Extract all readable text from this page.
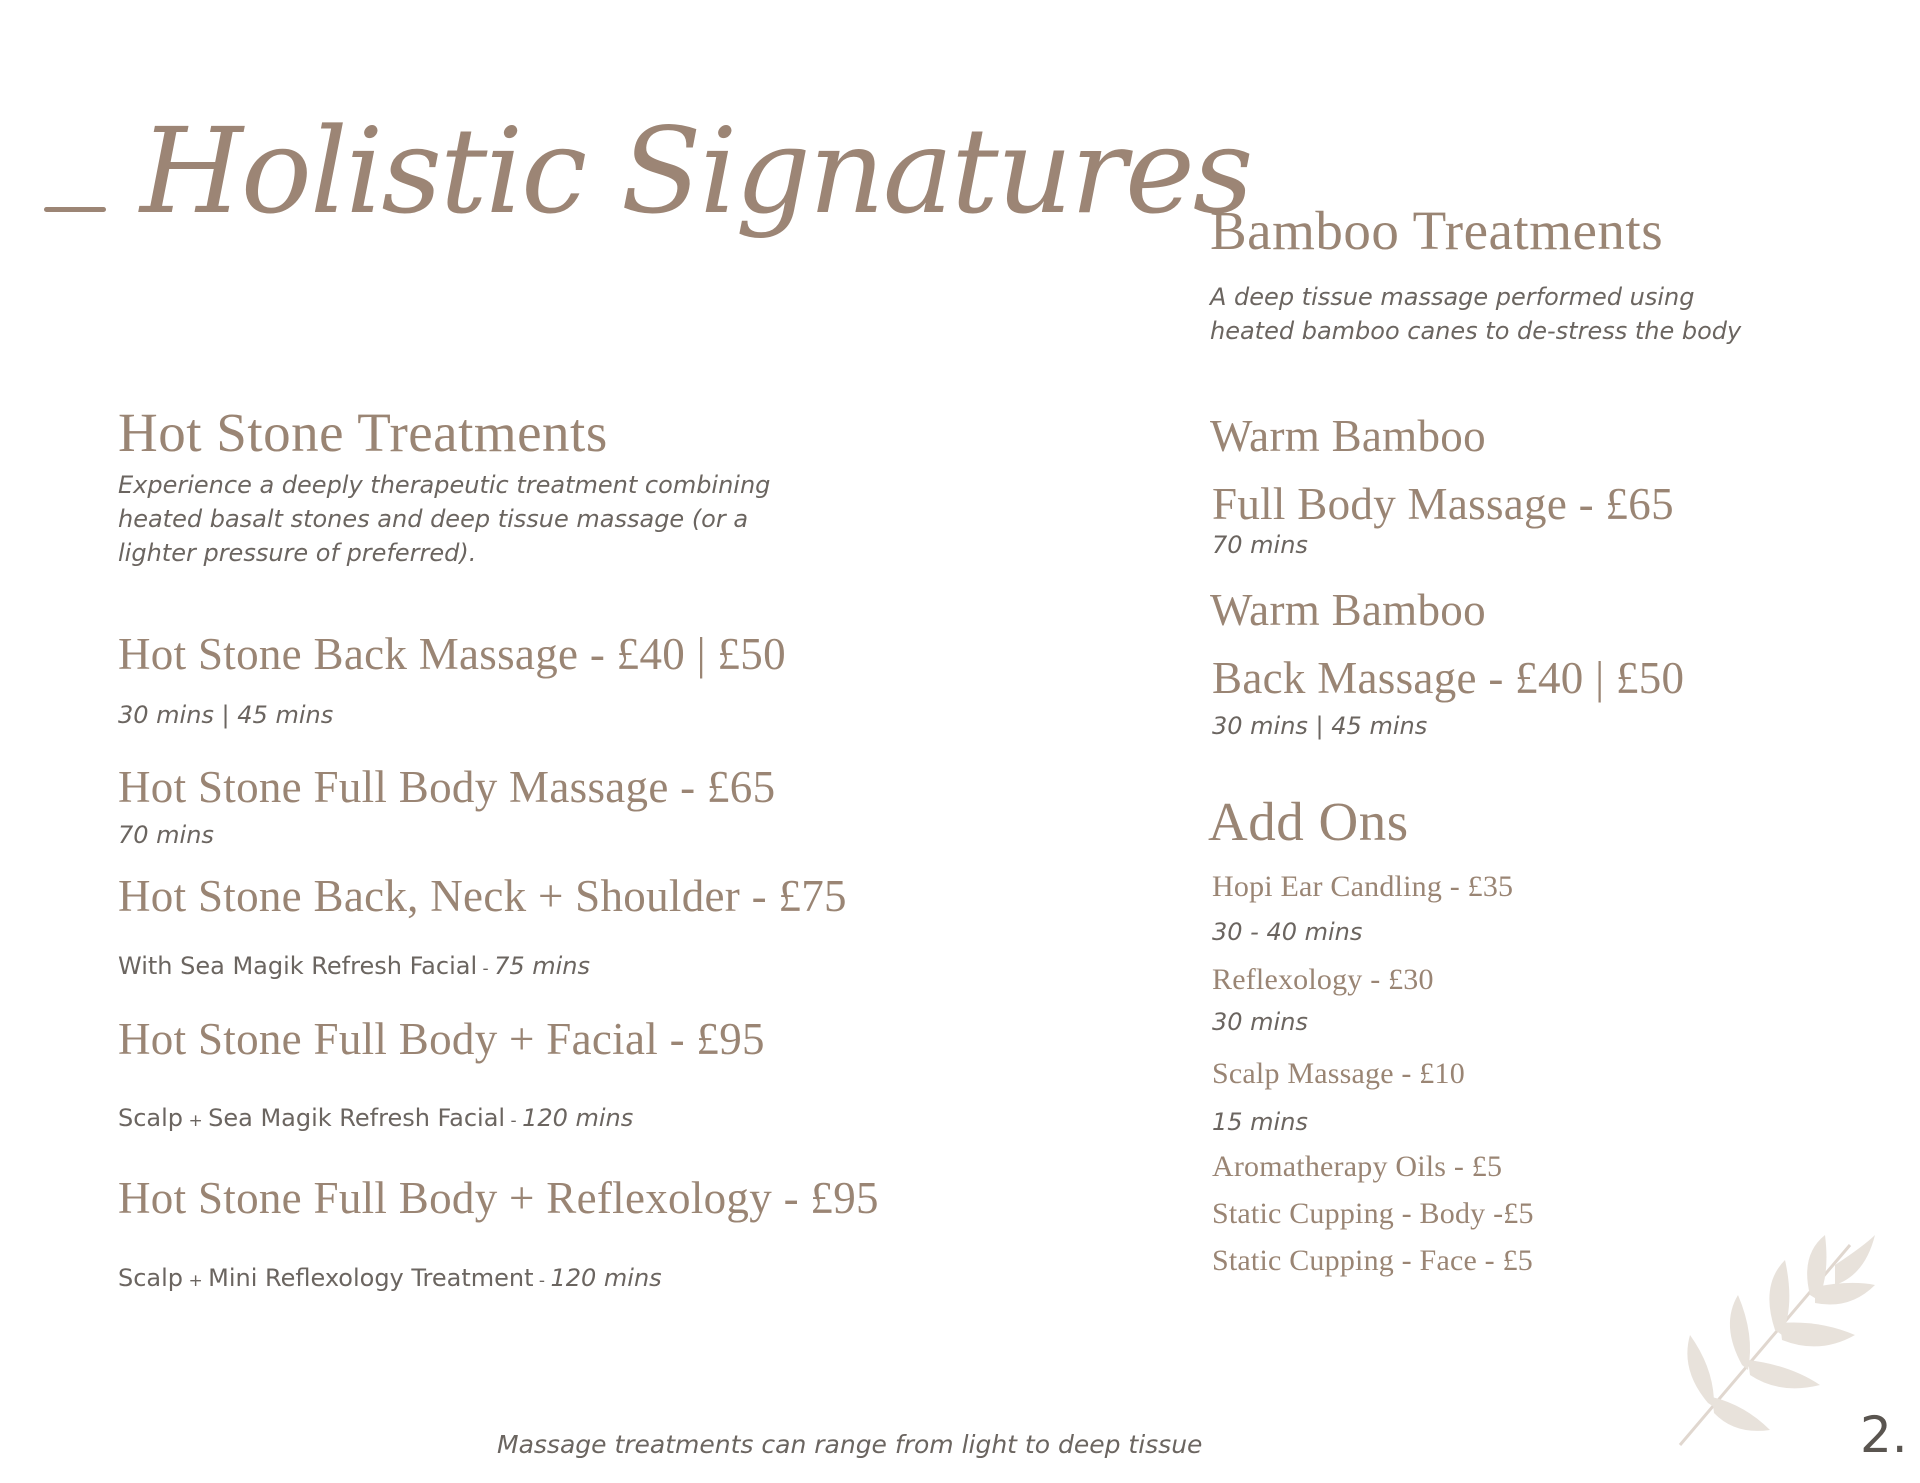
Holistic Signatures
Hot Stone Treatments
Experience a deeply therapeutic treatment combining
heated basalt stones and deep tissue massage (or a
lighter pressure of preferred).
Hot Stone Back Massage - £40 | £50
30 mins | 45 mins
Hot Stone Full Body Massage - £65
70 mins
Hot Stone Back, Neck + Shoulder - £75
With Sea Magik Refresh Facial - 75 mins
Hot Stone Full Body + Facial - £95
Scalp + Sea Magik Refresh Facial - 120 mins
Hot Stone Full Body + Reflexology - £95
Scalp + Mini Reflexology Treatment - 120 mins
Bamboo Treatments
A deep tissue massage performed using
heated bamboo canes to de-stress the body
Warm Bamboo
Full Body Massage - £65
70 mins
Warm Bamboo
Back Massage - £40 | £50
30 mins | 45 mins
Add Ons
Hopi Ear Candling - £35
30 - 40 mins
Reflexology - £30
30 mins
Scalp Massage - £10
15 mins
Aromatherapy Oils - £5
Static Cupping - Body -£5
Static Cupping - Face - £5
Massage treatments can range from light to deep tissue	2.
